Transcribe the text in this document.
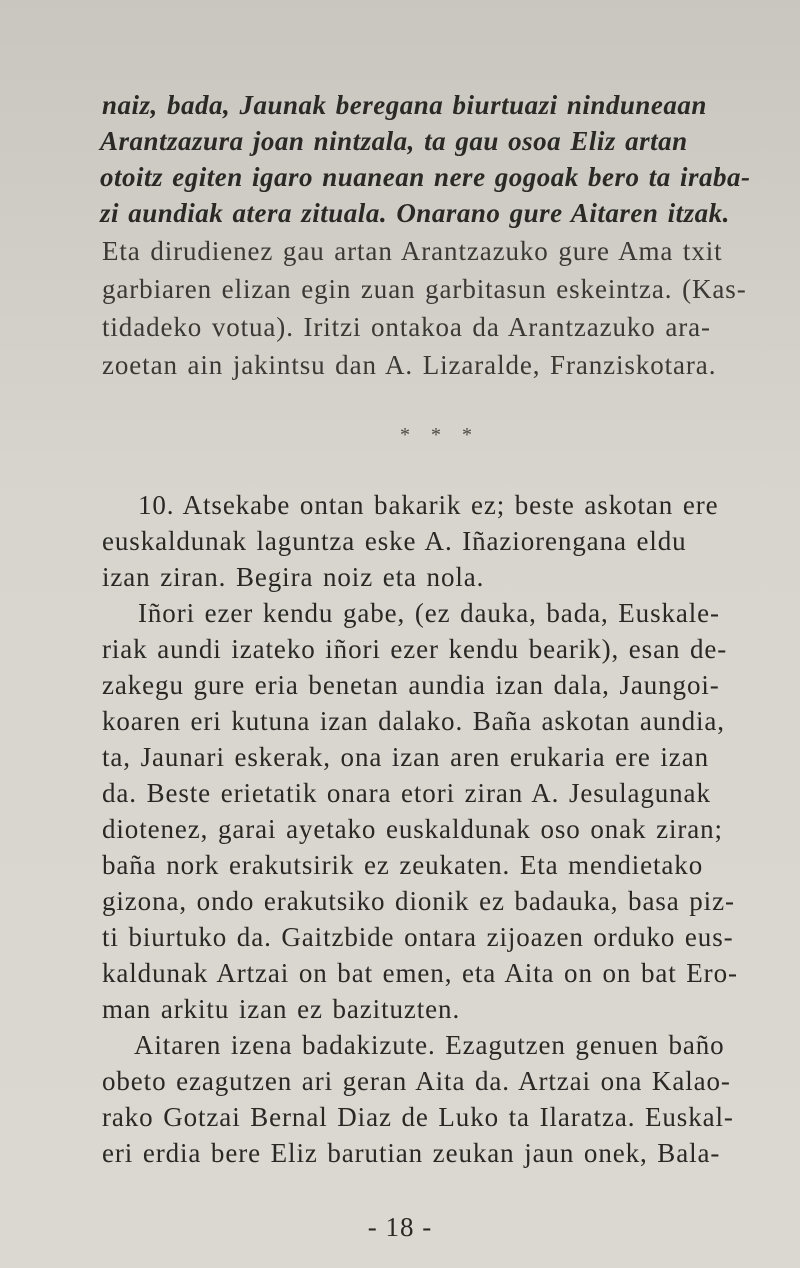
naiz, bada, Jaunak beregana biurtuazi ninduneaan
Arantzazura joan nintzala, ta gau osoa Eliz artan
otoitz egiten igaro nuanean nere gogoak bero ta iraba-
zi aundiak atera zituala. Onarano gure Aitaren itzak.
Eta dirudienez gau artan Arantzazuko gure Ama txit
garbiaren elizan egin zuan garbitasun eskeintza. (Kas-
tidadeko votua). Iritzi ontakoa da Arantzazuko ara-
zoetan ain jakintsu dan A. Lizaralde, Franziskotara.
* * *
10. Atsekabe ontan bakarik ez; beste askotan ere
euskaldunak laguntza eske A. Iñaziorengana eldu
izan ziran. Begira noiz eta nola.
Iñori ezer kendu gabe, (ez dauka, bada, Euskale-
riak aundi izateko iñori ezer kendu bearik), esan de-
zakegu gure eria benetan aundia izan dala, Jaungoi-
koaren eri kutuna izan dalako. Baña askotan aundia,
ta, Jaunari eskerak, ona izan aren erukaria ere izan
da. Beste erietatik onara etori ziran A. Jesulagunak
diotenez, garai ayetako euskaldunak oso onak ziran;
baña nork erakutsirik ez zeukaten. Eta mendietako
gizona, ondo erakutsiko dionik ez badauka, basa piz-
ti biurtuko da. Gaitzbide ontara zijoazen orduko eus-
kaldunak Artzai on bat emen, eta Aita on on bat Ero-
man arkitu izan ez bazituzten.
Aitaren izena badakizute. Ezagutzen genuen baño
obeto ezagutzen ari geran Aita da. Artzai ona Kalao-
rako Gotzai Bernal Diaz de Luko ta Ilaratza. Euskal-
eri erdia bere Eliz barutian zeukan jaun onek, Bala-
- 18 -
